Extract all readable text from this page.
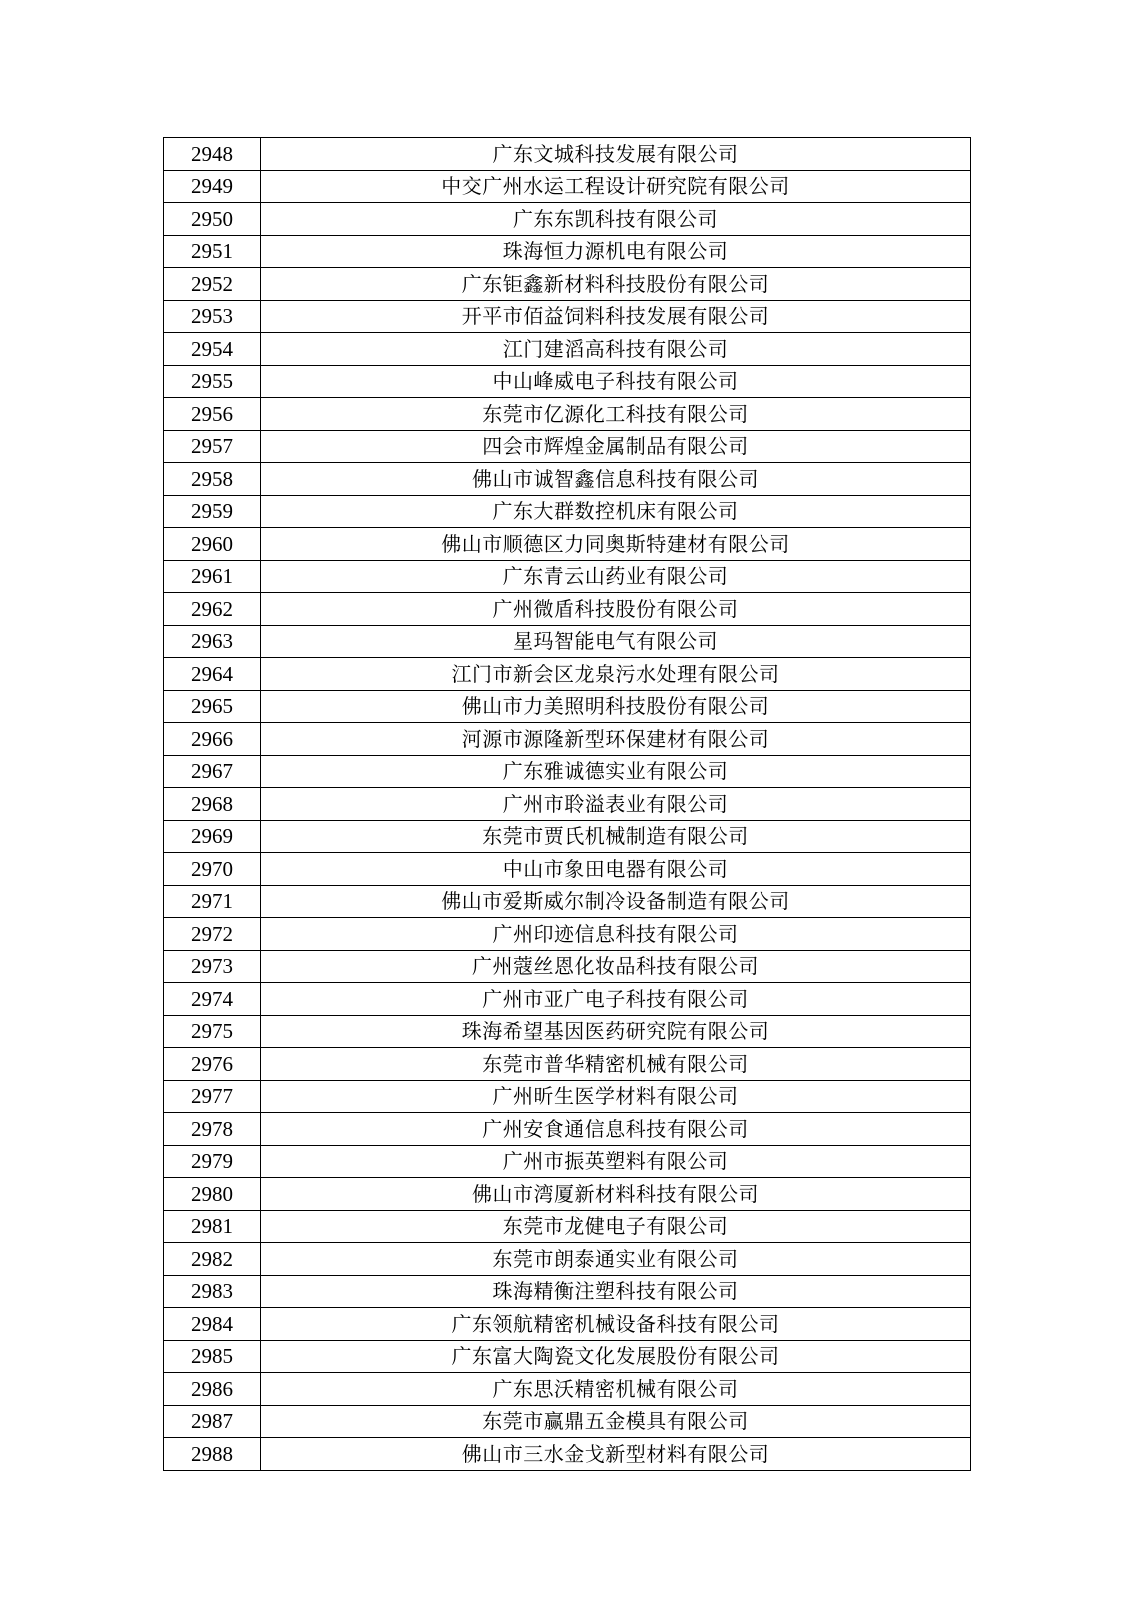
2948	广东文城科技发展有限公司
2949	中交广州水运工程设计研究院有限公司
2950	广东东凯科技有限公司
2951	珠海恒力源机电有限公司
2952	广东钜鑫新材料科技股份有限公司
2953	开平市佰益饲料科技发展有限公司
2954	江门建滔高科技有限公司
2955	中山峰威电子科技有限公司
2956	东莞市亿源化工科技有限公司
2957	四会市辉煌金属制品有限公司
2958	佛山市诚智鑫信息科技有限公司
2959	广东大群数控机床有限公司
2960	佛山市顺德区力同奥斯特建材有限公司
2961	广东青云山药业有限公司
2962	广州微盾科技股份有限公司
2963	星玛智能电气有限公司
2964	江门市新会区龙泉污水处理有限公司
2965	佛山市力美照明科技股份有限公司
2966	河源市源隆新型环保建材有限公司
2967	广东雅诚德实业有限公司
2968	广州市聆溢表业有限公司
2969	东莞市贾氏机械制造有限公司
2970	中山市象田电器有限公司
2971	佛山市爱斯威尔制冷设备制造有限公司
2972	广州印迹信息科技有限公司
2973	广州蔻丝恩化妆品科技有限公司
2974	广州市亚广电子科技有限公司
2975	珠海希望基因医药研究院有限公司
2976	东莞市普华精密机械有限公司
2977	广州昕生医学材料有限公司
2978	广州安食通信息科技有限公司
2979	广州市振英塑料有限公司
2980	佛山市湾厦新材料科技有限公司
2981	东莞市龙健电子有限公司
2982	东莞市朗泰通实业有限公司
2983	珠海精衡注塑科技有限公司
2984	广东领航精密机械设备科技有限公司
2985	广东富大陶瓷文化发展股份有限公司
2986	广东思沃精密机械有限公司
2987	东莞市赢鼎五金模具有限公司
2988	佛山市三水金戈新型材料有限公司
